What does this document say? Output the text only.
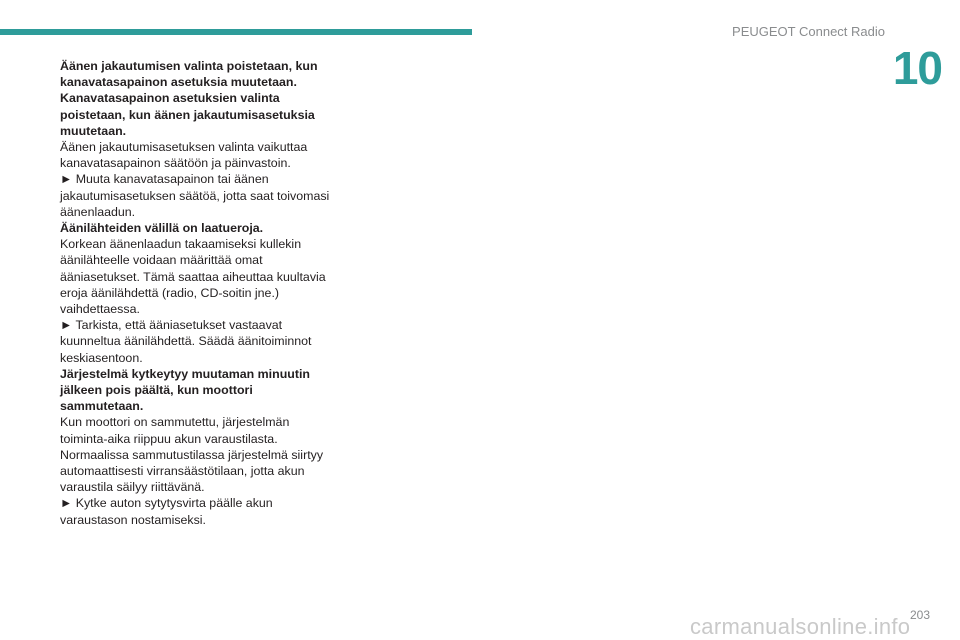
PEUGEOT Connect Radio
10

Äänen jakautumisen valinta poistetaan, kun kanavatasapainon asetuksia muutetaan.

Kanavatasapainon asetuksien valinta poistetaan, kun äänen jakautumisasetuksia muutetaan.

Äänen jakautumisasetuksen valinta vaikuttaa kanavatasapainon säätöön ja päinvastoin.

► Muuta kanavatasapainon tai äänen jakautumisasetuksen säätöä, jotta saat toivomasi äänenlaadun.

Äänilähteiden välillä on laatueroja.

Korkean äänenlaadun takaamiseksi kullekin äänilähteelle voidaan määrittää omat ääniasetukset. Tämä saattaa aiheuttaa kuultavia eroja äänilähdettä (radio, CD-soitin jne.) vaihdettaessa.

► Tarkista, että ääniasetukset vastaavat kuunneltua äänilähdettä. Säädä äänitoiminnot keskiasentoon.

Järjestelmä kytkeytyy muutaman minuutin jälkeen pois päältä, kun moottori sammutetaan.

Kun moottori on sammutettu, järjestelmän toiminta-aika riippuu akun varaustilasta.

Normaalissa sammutustilassa järjestelmä siirtyy automaattisesti virransäästötilaan, jotta akun varaustila säilyy riittävänä.

► Kytke auton sytytysvirta päälle akun varaustason nostamiseksi.

203
carmanualsonline.info
